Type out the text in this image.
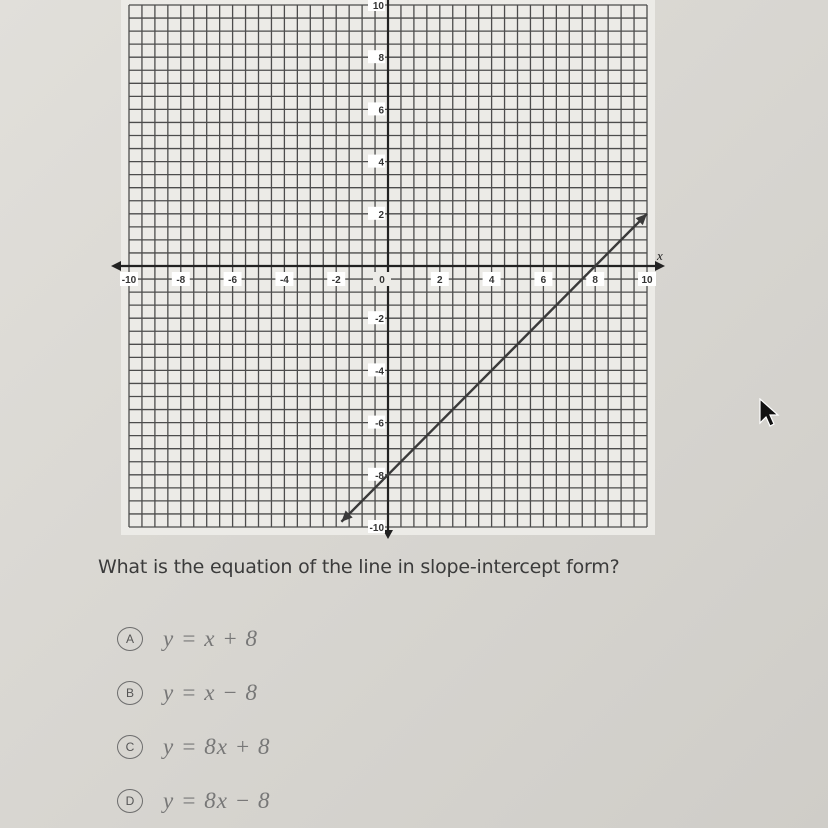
x
-10	-8	-6	-4	-2	0	2	4	6	8	10
10
8
6
4
2
-2
-4
-6
-8
-10
What is the equation of the line in slope-intercept form?
A	y = x + 8
B	y = x − 8
C	y = 8x + 8
D	y = 8x − 8
